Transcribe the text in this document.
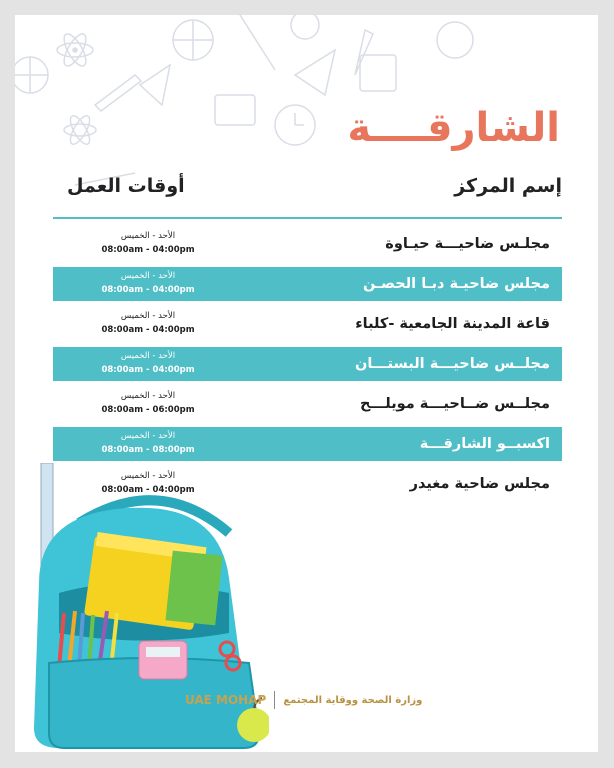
الشارقــــة
إسم المركز
أوقات العمل
مجلـس ضاحيـــة حيـاوة
الأحد - الخميس
08:00am - 04:00pm
مجلس ضاحيـة دبـا الحصـن
الأحد - الخميس
08:00am - 04:00pm
قاعة المدينة الجامعية -كلباء
الأحد - الخميس
08:00am - 04:00pm
مجلــس ضاحيـــة البستـــان
الأحد - الخميس
08:00am - 04:00pm
مجلــس ضــاحيـــة مويلـــح
الأحد - الخميس
08:00am - 06:00pm
اكسبــو الشارقـــة
الأحد - الخميس
08:00am - 08:00pm
مجلس ضاحية مغيدر
الأحد - الخميس
08:00am - 04:00pm
UAE MOHAP وزارة الصحة ووقاية المجتمع
